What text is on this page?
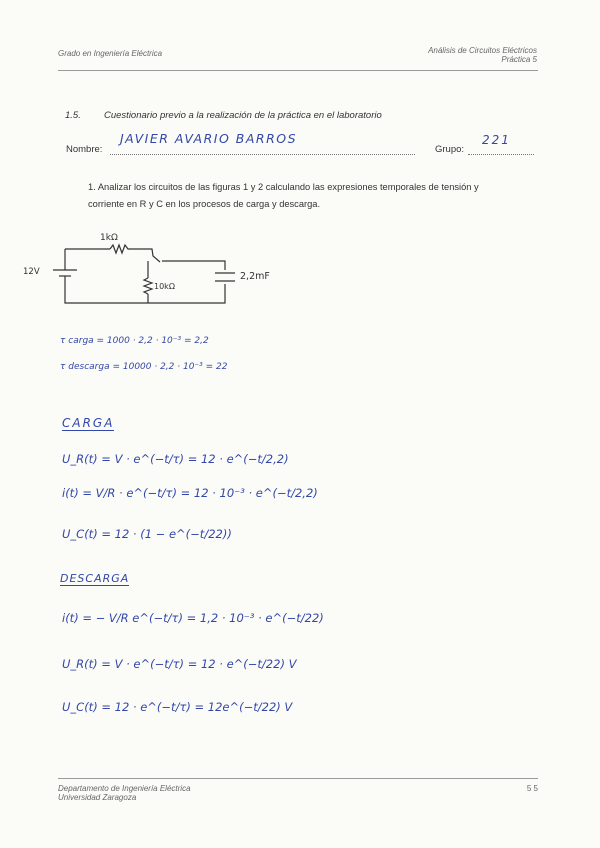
Grado en Ingeniería Eléctrica	Análisis de Circuitos Eléctricos
Práctica 5
1.5. Cuestionario previo a la realización de la práctica en el laboratorio
Nombre:
JAVIER AVARIO BARROS
Grupo:
221
1. Analizar los circuitos de las figuras 1 y 2 calculando las expresiones temporales de tensión y
corriente en R y C en los procesos de carga y descarga.
1kΩ
12V
10kΩ
2,2mF
τ carga = 1000 · 2,2 · 10⁻³ = 2,2
τ descarga = 10000 · 2,2 · 10⁻³ = 22
CARGA
U_R(t) = V · e^(−t/τ) = 12 · e^(−t/2,2)
i(t) = V/R · e^(−t/τ) = 12 · 10⁻³ · e^(−t/2,2)
U_C(t) = 12 · (1 − e^(−t/22))
DESCARGA
i(t) = − V/R e^(−t/τ) = 1,2 · 10⁻³ · e^(−t/22)
U_R(t) = V · e^(−t/τ) = 12 · e^(−t/22) V
U_C(t) = 12 · e^(−t/τ) = 12e^(−t/22) V
Departamento de Ingeniería Eléctrica
Universidad Zaragoza
5 5
